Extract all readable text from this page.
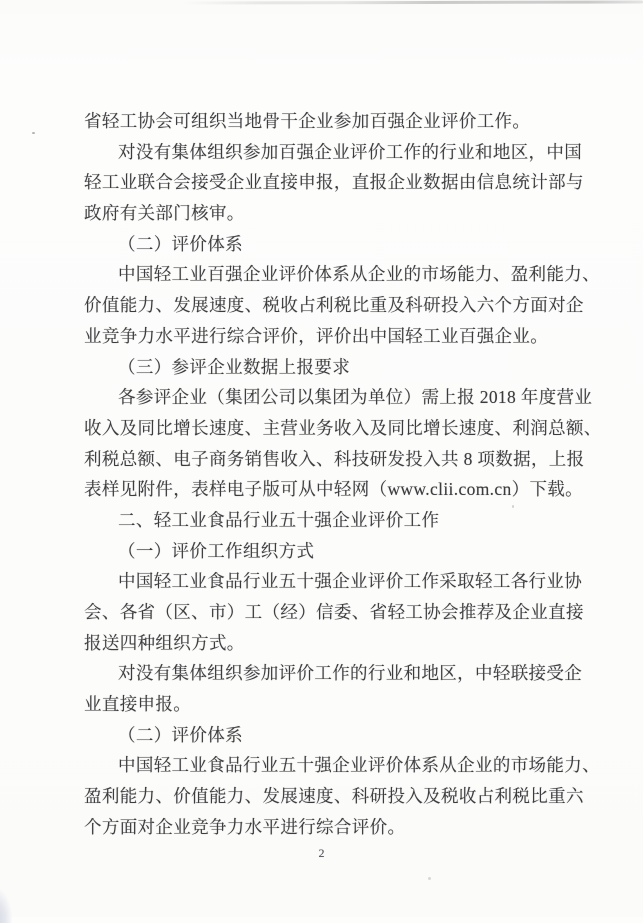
省轻工协会可组织当地骨干企业参加百强企业评价工作。
对没有集体组织参加百强企业评价工作的行业和地区，中国
轻工业联合会接受企业直接申报，直报企业数据由信息统计部与
政府有关部门核审。
（二）评价体系
中国轻工业百强企业评价体系从企业的市场能力、盈利能力、
价值能力、发展速度、税收占利税比重及科研投入六个方面对企
业竞争力水平进行综合评价，评价出中国轻工业百强企业。
（三）参评企业数据上报要求
各参评企业（集团公司以集团为单位）需上报 2018 年度营业
收入及同比增长速度、主营业务收入及同比增长速度、利润总额、
利税总额、电子商务销售收入、科技研发投入共 8 项数据，上报
表样见附件，表样电子版可从中轻网（www.clii.com.cn）下载。
二、轻工业食品行业五十强企业评价工作
（一）评价工作组织方式
中国轻工业食品行业五十强企业评价工作采取轻工各行业协
会、各省（区、市）工（经）信委、省轻工协会推荐及企业直接
报送四种组织方式。
对没有集体组织参加评价工作的行业和地区，中轻联接受企
业直接申报。
（二）评价体系
中国轻工业食品行业五十强企业评价体系从企业的市场能力、
盈利能力、价值能力、发展速度、科研投入及税收占利税比重六
个方面对企业竞争力水平进行综合评价。
2
